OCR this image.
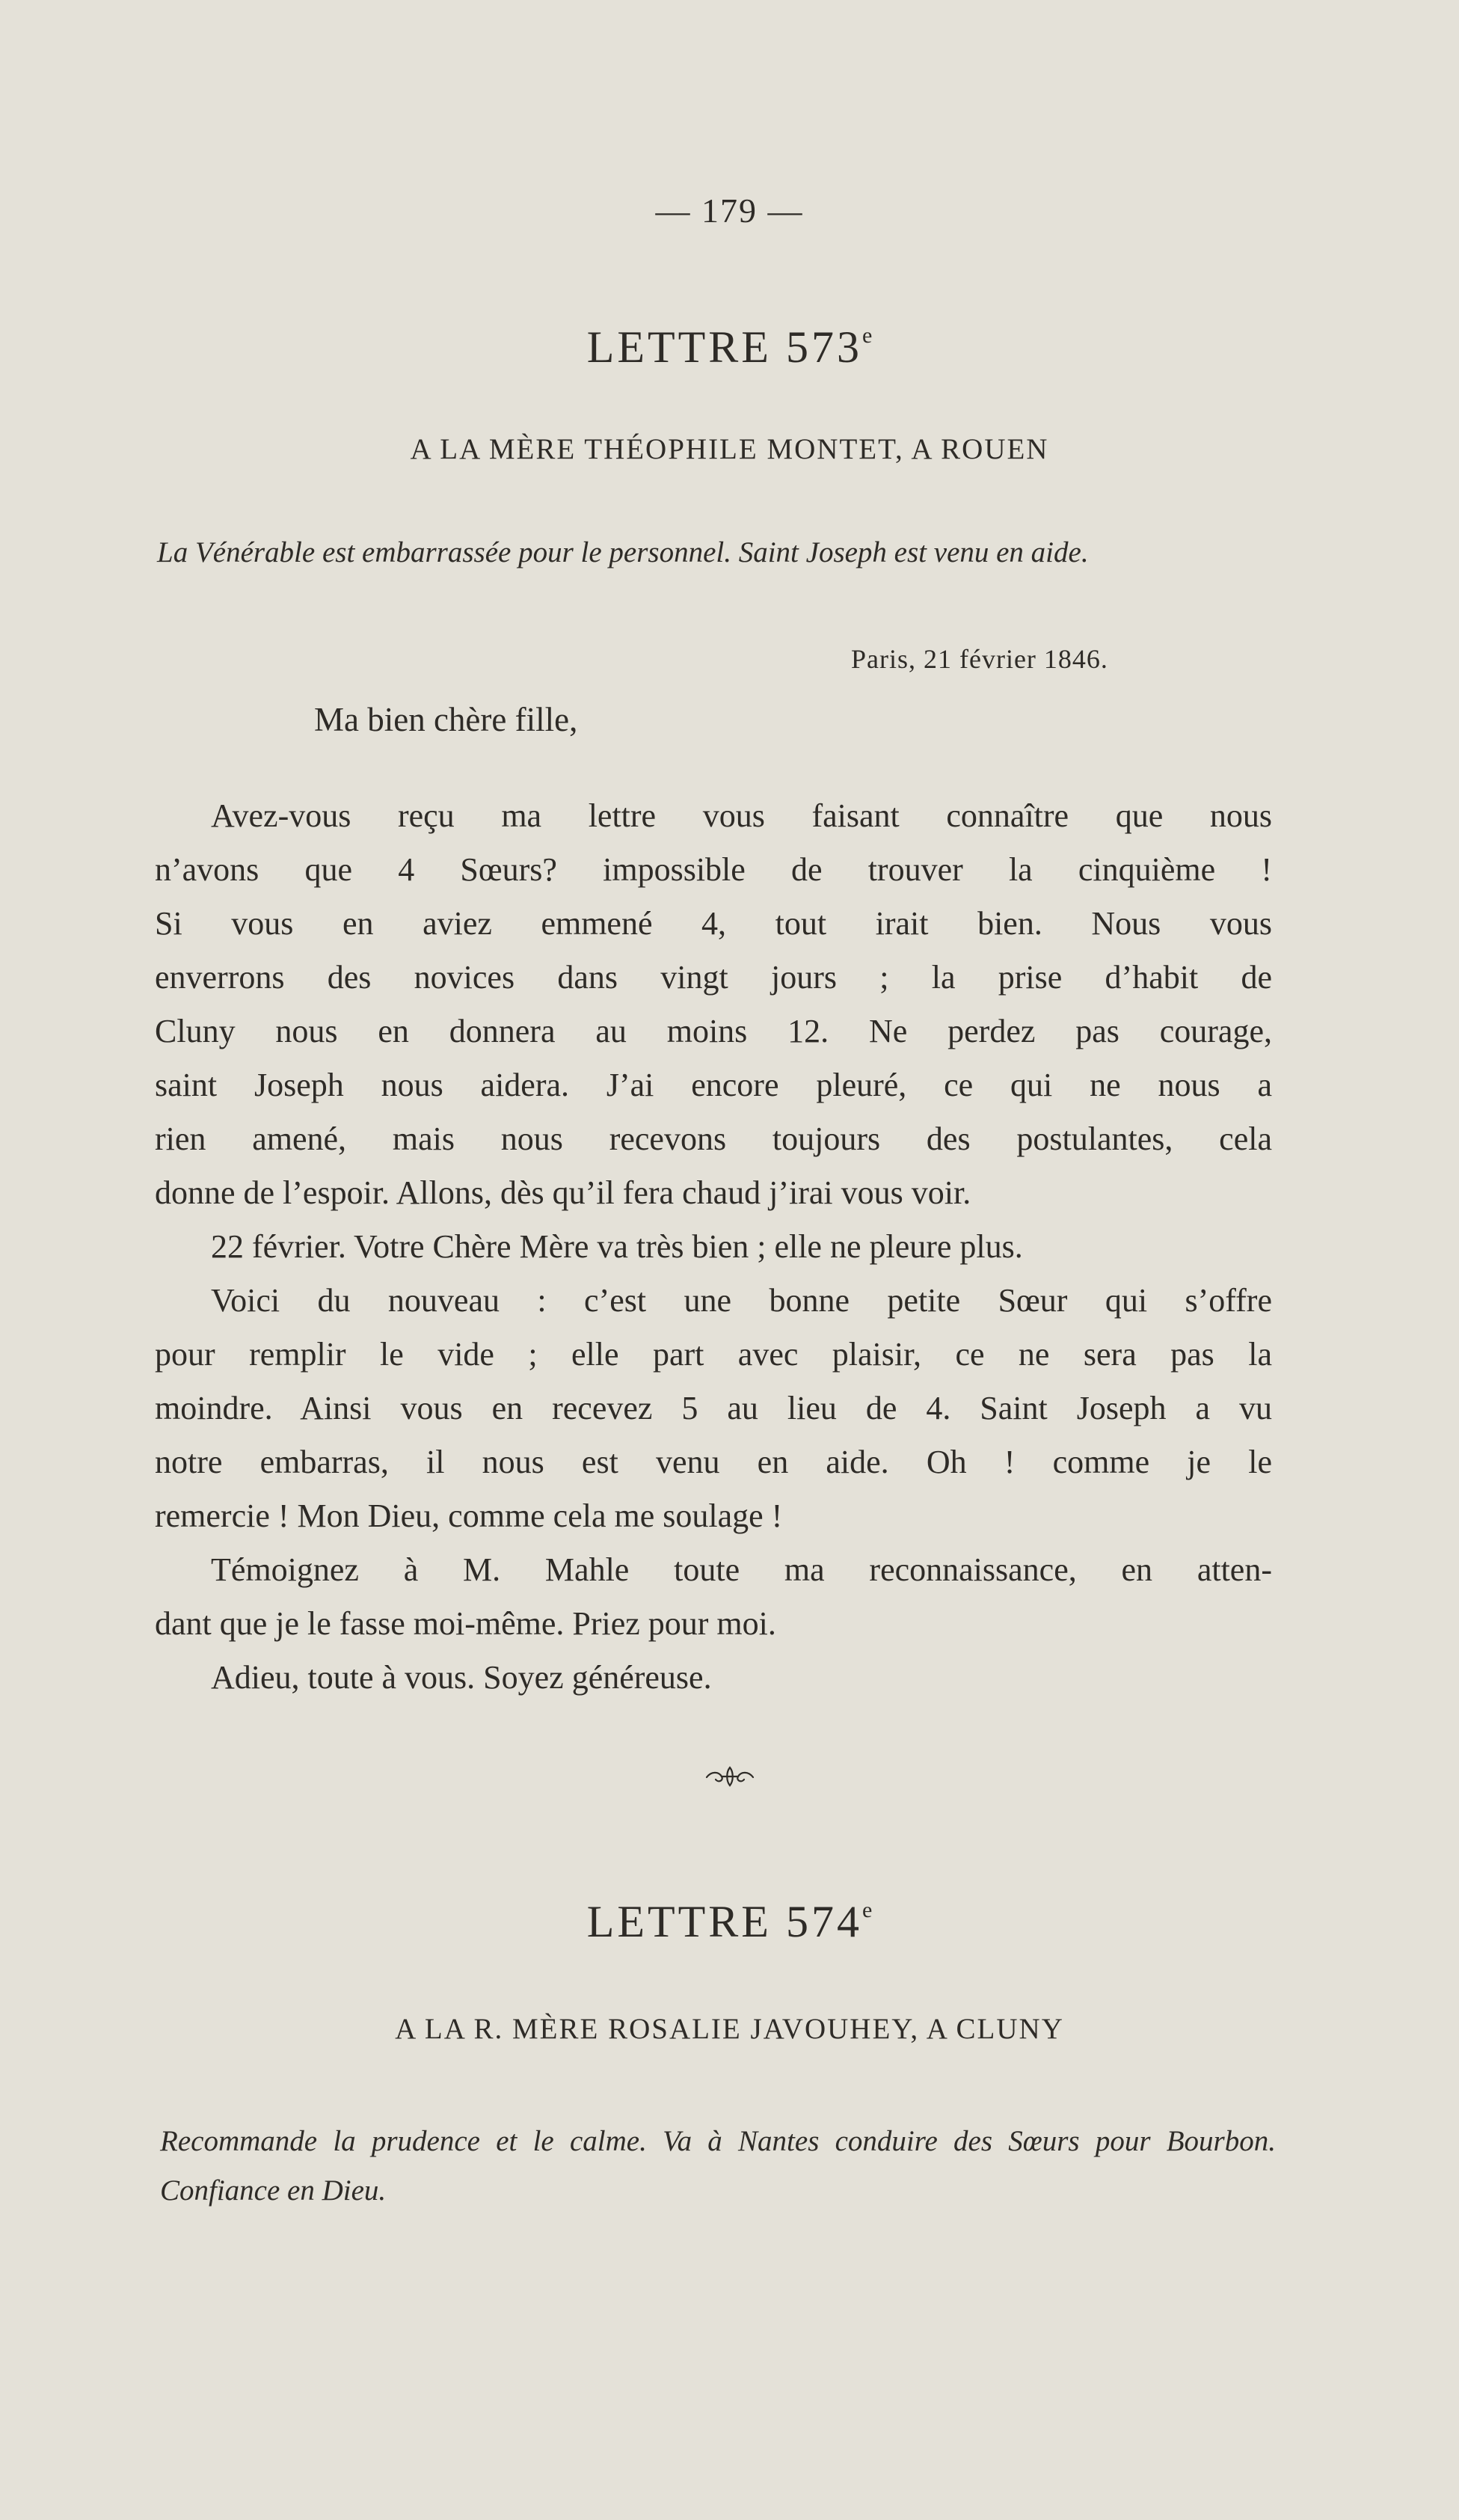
— 179 —
LETTRE 573e
A LA MÈRE THÉOPHILE MONTET, A ROUEN
La Vénérable est embarrassée pour le personnel. Saint Joseph est venu en aide.
Paris, 21 février 1846.
Ma bien chère fille,
Avez-vous reçu ma lettre vous faisant connaître que nous
n’avons que 4 Sœurs? impossible de trouver la cinquième !
Si vous en aviez emmené 4, tout irait bien. Nous vous
enverrons des novices dans vingt jours ; la prise d’habit de
Cluny nous en donnera au moins 12. Ne perdez pas courage,
saint Joseph nous aidera. J’ai encore pleuré, ce qui ne nous a
rien amené, mais nous recevons toujours des postulantes, cela
donne de l’espoir. Allons, dès qu’il fera chaud j’irai vous voir.
22 février. Votre Chère Mère va très bien ; elle ne pleure plus.
Voici du nouveau : c’est une bonne petite Sœur qui s’offre
pour remplir le vide ; elle part avec plaisir, ce ne sera pas la
moindre. Ainsi vous en recevez 5 au lieu de 4. Saint Joseph a vu
notre embarras, il nous est venu en aide. Oh ! comme je le
remercie ! Mon Dieu, comme cela me soulage !
Témoignez à M. Mahle toute ma reconnaissance, en atten-
dant que je le fasse moi-même. Priez pour moi.
Adieu, toute à vous. Soyez généreuse.
LETTRE 574e
A LA R. MÈRE ROSALIE JAVOUHEY, A CLUNY
Recommande la prudence et le calme. Va à Nantes conduire des Sœurs pour Bourbon. Confiance en Dieu.
